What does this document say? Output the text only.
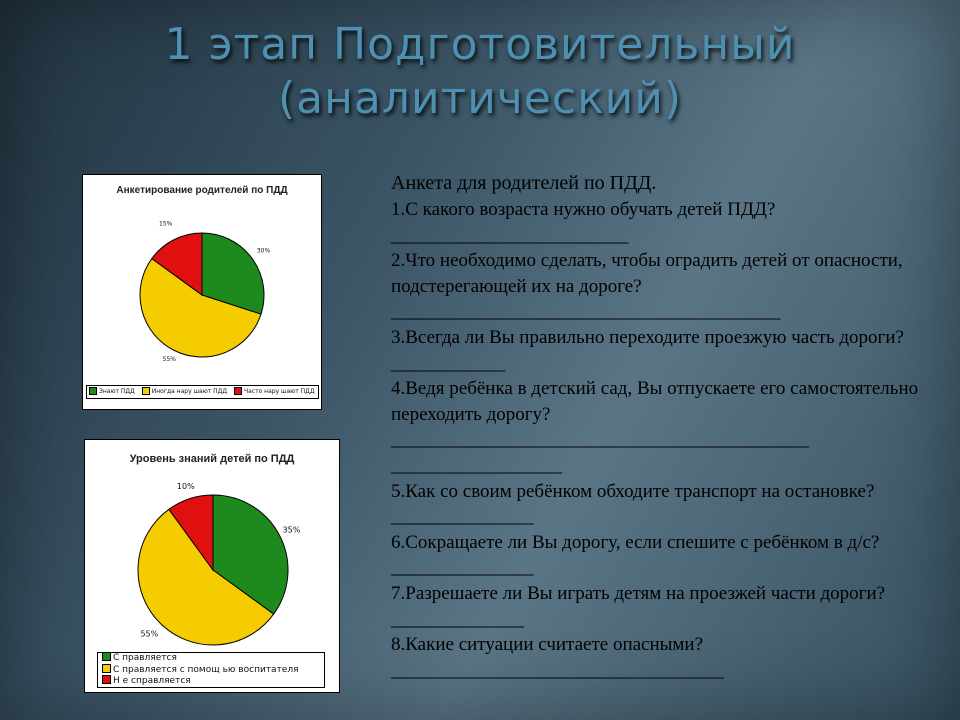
1 этап Подготовительный
(аналитический)
30%
55%
15%
Анкетирование родителей по ПДД
Знают ПДД	Иногда нару шают ПДД	Часто нару шают ПДД
35%
55%
10%
Уровень знаний детей по ПДД
С правляется
С правляется с помощ ью воспитателя
Н е справляется

Анкета для родителей по ПДД.

1.С какого возраста нужно обучать детей ПДД?_________________________

2.Что необходимо сделать, чтобы оградить детей от опасности, подстерегающей их на дороге?_________________________________________

3.Всегда ли Вы правильно переходите проезжую часть дороги?____________

4.Ведя ребёнка в детский сад, Вы отпускаете его самостоятельно переходить дорогу?____________________________________________ __________________

5.Как со своим ребёнком обходите транспорт на остановке?_______________

6.Сокращаете ли Вы дорогу, если спешите с ребёнком в д/с?_______________

7.Разрешаете ли Вы играть детям на проезжей части дороги?______________

8.Какие ситуации считаете опасными?___________________________________
